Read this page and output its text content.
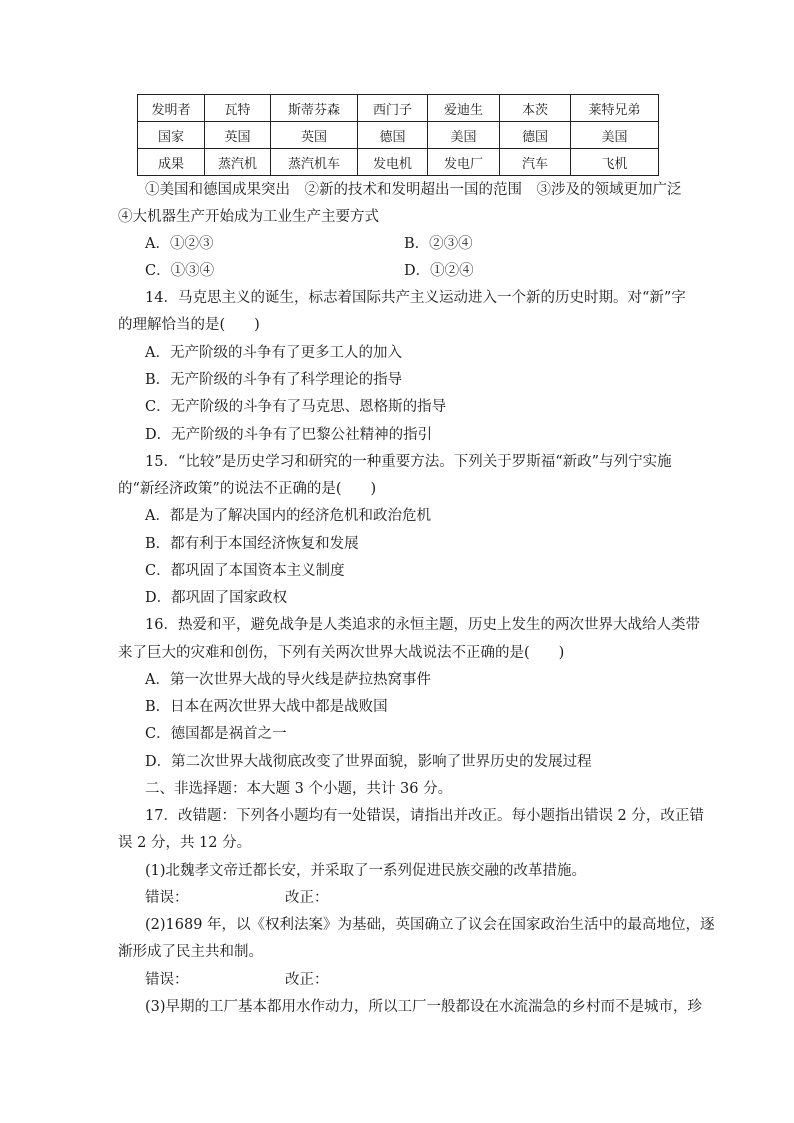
发明者	瓦特	斯蒂芬森	西门子	爱迪生	本茨	莱特兄弟
国家	英国	英国	德国	美国	德国	美国
成果	蒸汽机	蒸汽机车	发电机	发电厂	汽车	飞机
①美国和德国成果突出　②新的技术和发明超出一国的范围　③涉及的领域更加广泛
④大机器生产开始成为工业生产主要方式
A．①②③	B．②③④
C．①③④	D．①②④
14．马克思主义的诞生，标志着国际共产主义运动进入一个新的历史时期。对“新”字
的理解恰当的是(　　)
A．无产阶级的斗争有了更多工人的加入
B．无产阶级的斗争有了科学理论的指导
C．无产阶级的斗争有了马克思、恩格斯的指导
D．无产阶级的斗争有了巴黎公社精神的指引
15．“比较”是历史学习和研究的一种重要方法。下列关于罗斯福“新政”与列宁实施
的“新经济政策”的说法不正确的是(　　)
A．都是为了解决国内的经济危机和政治危机
B．都有利于本国经济恢复和发展
C．都巩固了本国资本主义制度
D．都巩固了国家政权
16．热爱和平，避免战争是人类追求的永恒主题，历史上发生的两次世界大战给人类带
来了巨大的灾难和创伤，下列有关两次世界大战说法不正确的是(　　)
A．第一次世界大战的导火线是萨拉热窝事件
B．日本在两次世界大战中都是战败国
C．德国都是祸首之一
D．第二次世界大战彻底改变了世界面貌，影响了世界历史的发展过程
二、非选择题：本大题 3 个小题，共计 36 分。
17．改错题：下列各小题均有一处错误，请指出并改正。每小题指出错误 2 分，改正错
误 2 分，共 12 分。
(1)北魏孝文帝迁都长安，并采取了一系列促进民族交融的改革措施。
错误：	改正：
(2)1689 年，以《权利法案》为基础，英国确立了议会在国家政治生活中的最高地位，逐
渐形成了民主共和制。
错误：	改正：
(3)早期的工厂基本都用水作动力，所以工厂一般都设在水流湍急的乡村而不是城市，珍
